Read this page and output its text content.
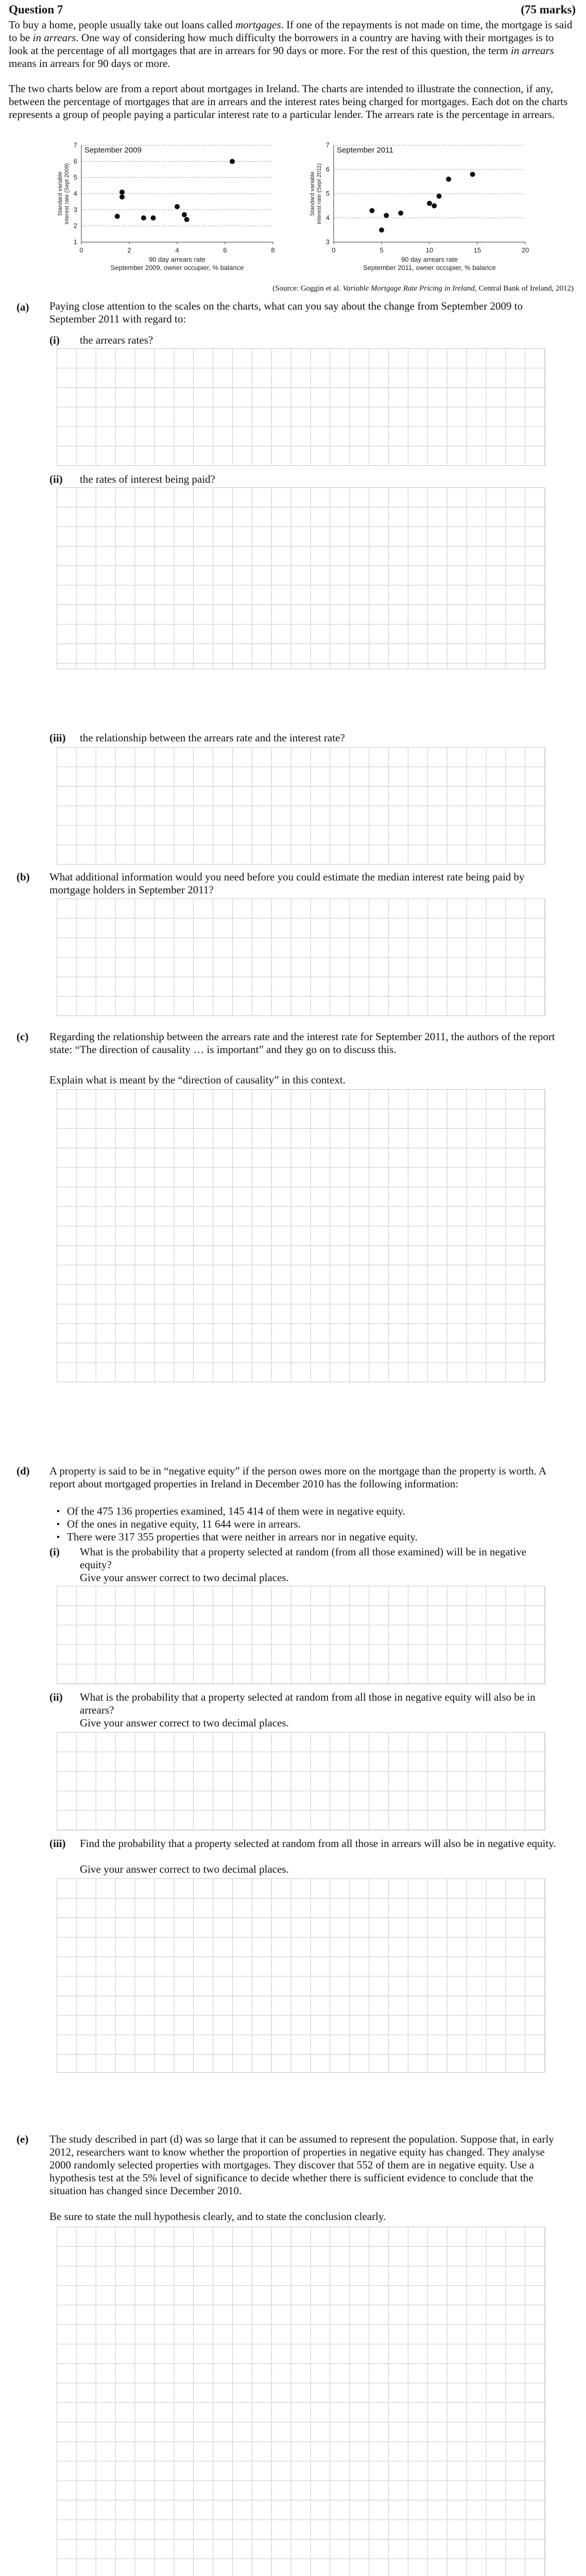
Question 7	(75 marks)
To buy a home, people usually take out loans called mortgages. If one of the repayments is not made on time, the mortgage is said to be in arrears. One way of considering how much difficulty the borrowers in a country are having with their mortgages is to look at the percentage of all mortgages that are in arrears for 90 days or more. For the rest of this question, the term in arrears means in arrears for 90 days or more.
The two charts below are from a report about mortgages in Ireland. The charts are intended to illustrate the connection, if any, between the percentage of mortgages that are in arrears and the interest rates being charged for mortgages. Each dot on the charts represents a group of people paying a particular interest rate to a particular lender. The arrears rate is the percentage in arrears.
1
2
3
4
5
6
7
0	2	4	6	8
September 2009
Standard variableinterest rate (Sept 2009)
90 day arrears rate
September 2009, owner occupier, % balance
3
4
5
6
7
0	5	10	15	20
September 2011
Standard variableinterest rate (Sept 2011)
90 day arrears rate
September 2011, owner occupier, % balance
(Source: Goggin et al. Variable Mortgage Rate Pricing in Ireland, Central Bank of Ireland, 2012)
(a) Paying close attention to the scales on the charts, what can you say about the change from September 2009 to September 2011 with regard to:
(i) the arrears rates?
(ii) the rates of interest being paid?
(iii) the relationship between the arrears rate and the interest rate?
(b) What additional information would you need before you could estimate the median interest rate being paid by mortgage holders in September 2011?
(c) Regarding the relationship between the arrears rate and the interest rate for September 2011, the authors of the report state: “The direction of causality … is important” and they go on to discuss this.
Explain what is meant by the “direction of causality” in this context.
(d) A property is said to be in “negative equity” if the person owes more on the mortgage than the property is worth. A report about mortgaged properties in Ireland in December 2010 has the following information:
▪ Of the 475 136 properties examined, 145 414 of them were in negative equity.
▪ Of the ones in negative equity, 11 644 were in arrears.
▪ There were 317 355 properties that were neither in arrears nor in negative equity.
(i) What is the probability that a property selected at random (from all those examined) will be in negative equity?
Give your answer correct to two decimal places.
(ii) What is the probability that a property selected at random from all those in negative equity will also be in arrears?
Give your answer correct to two decimal places.
(iii) Find the probability that a property selected at random from all those in arrears will also be in negative equity.
Give your answer correct to two decimal places.
(e) The study described in part (d) was so large that it can be assumed to represent the population. Suppose that, in early 2012, researchers want to know whether the proportion of properties in negative equity has changed. They analyse 2000 randomly selected properties with mortgages. They discover that 552 of them are in negative equity. Use a hypothesis test at the 5% level of significance to decide whether there is sufficient evidence to conclude that the situation has changed since December 2010.
Be sure to state the null hypothesis clearly, and to state the conclusion clearly.
